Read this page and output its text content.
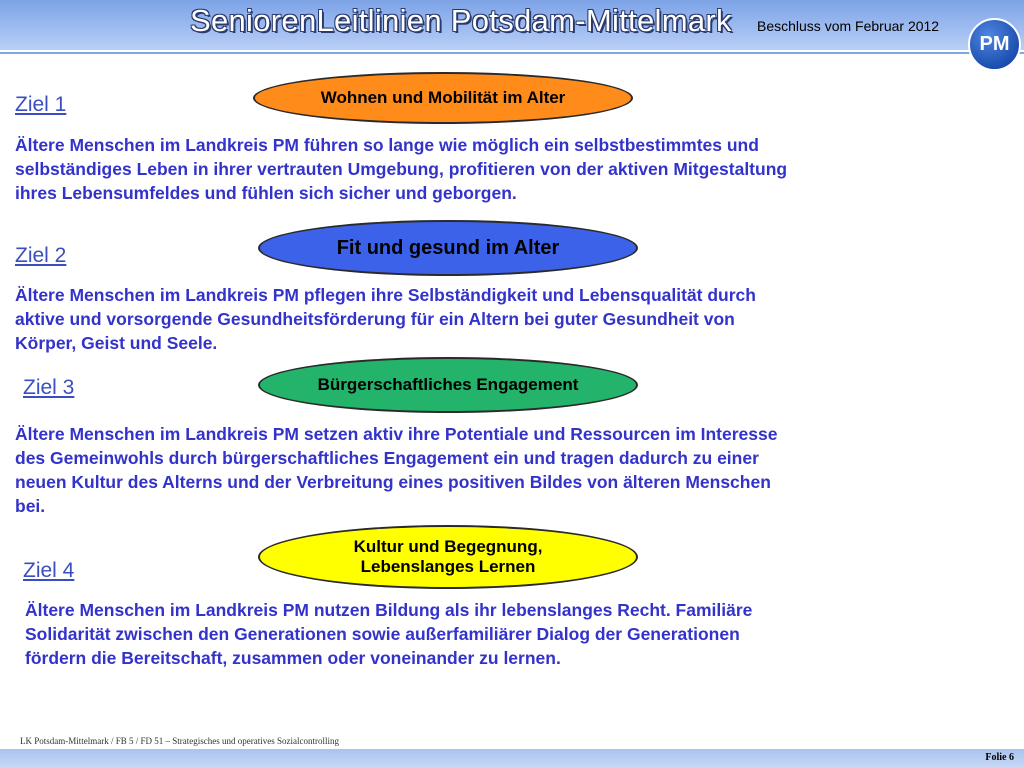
SeniorenLeitlinien Potsdam-Mittelmark Beschluss vom Februar 2012
PM
Ziel 1	Wohnen und Mobilität im Alter
Ältere Menschen im Landkreis PM führen so lange wie möglich ein selbstbestimmtes und
selbständiges Leben in ihrer vertrauten Umgebung, profitieren von der aktiven Mitgestaltung
ihres Lebensumfeldes und fühlen sich sicher und geborgen.
Ziel 2	Fit und gesund im Alter
Ältere Menschen im Landkreis PM pflegen ihre Selbständigkeit und Lebensqualität durch
aktive und vorsorgende Gesundheitsförderung für ein Altern bei guter Gesundheit von
Körper, Geist und Seele.
Ziel 3	Bürgerschaftliches Engagement
Ältere Menschen im Landkreis PM setzen aktiv ihre Potentiale und Ressourcen im Interesse
des Gemeinwohls durch bürgerschaftliches Engagement ein und tragen dadurch zu einer
neuen Kultur des Alterns und der Verbreitung eines positiven Bildes von älteren Menschen
bei.
Ziel 4
Kultur und Begegnung,
Lebenslanges Lernen
Ältere Menschen im Landkreis PM nutzen Bildung als ihr lebenslanges Recht. Familiäre
Solidarität zwischen den Generationen sowie außerfamiliärer Dialog der Generationen
fördern die Bereitschaft, zusammen oder voneinander zu lernen.
LK Potsdam-Mittelmark / FB 5 / FD 51 – Strategisches und operatives Sozialcontrolling
Folie 6
